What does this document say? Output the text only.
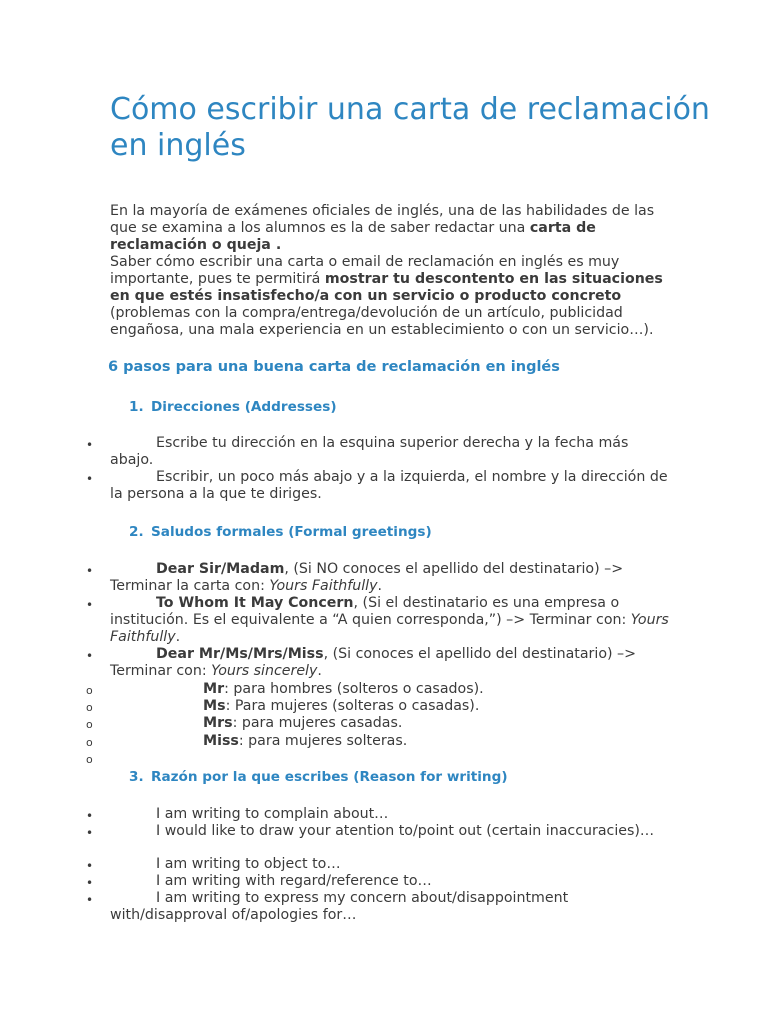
Cómo escribir una carta de reclamación en inglés

En la mayoría de exámenes oficiales de inglés, una de las habilidades de las que se examina a los alumnos es la de saber redactar una carta de reclamación o queja .
Saber cómo escribir una carta o email de reclamación en inglés es muy importante, pues te permitirá mostrar tu descontento en las situaciones en que estés insatisfecho/a con un servicio o producto concreto (problemas con la compra/entrega/devolución de un artículo, publicidad engañosa, una mala experiencia en un establecimiento o con un servicio…).

6 pasos para una buena carta de reclamación en inglés

1. Direcciones (Addresses)

•	Escribe tu dirección en la esquina superior derecha y la fecha más abajo.

•	Escribir, un poco más abajo y a la izquierda, el nombre y la dirección de la persona a la que te diriges.

2. Saludos formales (Formal greetings)

•	Dear Sir/Madam, (Si NO conoces el apellido del destinatario) –> Terminar la carta con: Yours Faithfully.

•	To Whom It May Concern, (Si el destinatario es una empresa o institución. Es el equivalente a “A quien corresponda,”) –> Terminar con: Yours Faithfully.

•	Dear Mr/Ms/Mrs/Miss, (Si conoces el apellido del destinatario) –> Terminar con: Yours sincerely.

o	Mr: para hombres (solteros o casados).

o	Ms: Para mujeres (solteras o casadas).

o	Mrs: para mujeres casadas.

o	Miss: para mujeres solteras.

o

3. Razón por la que escribes (Reason for writing)

•	I am writing to complain about…

•	I would like to draw your atention to/point out (certain inaccuracies)…

•	I am writing to object to…

•	I am writing with regard/reference to…

•	I am writing to express my concern about/disappointment with/disapproval of/apologies for…
